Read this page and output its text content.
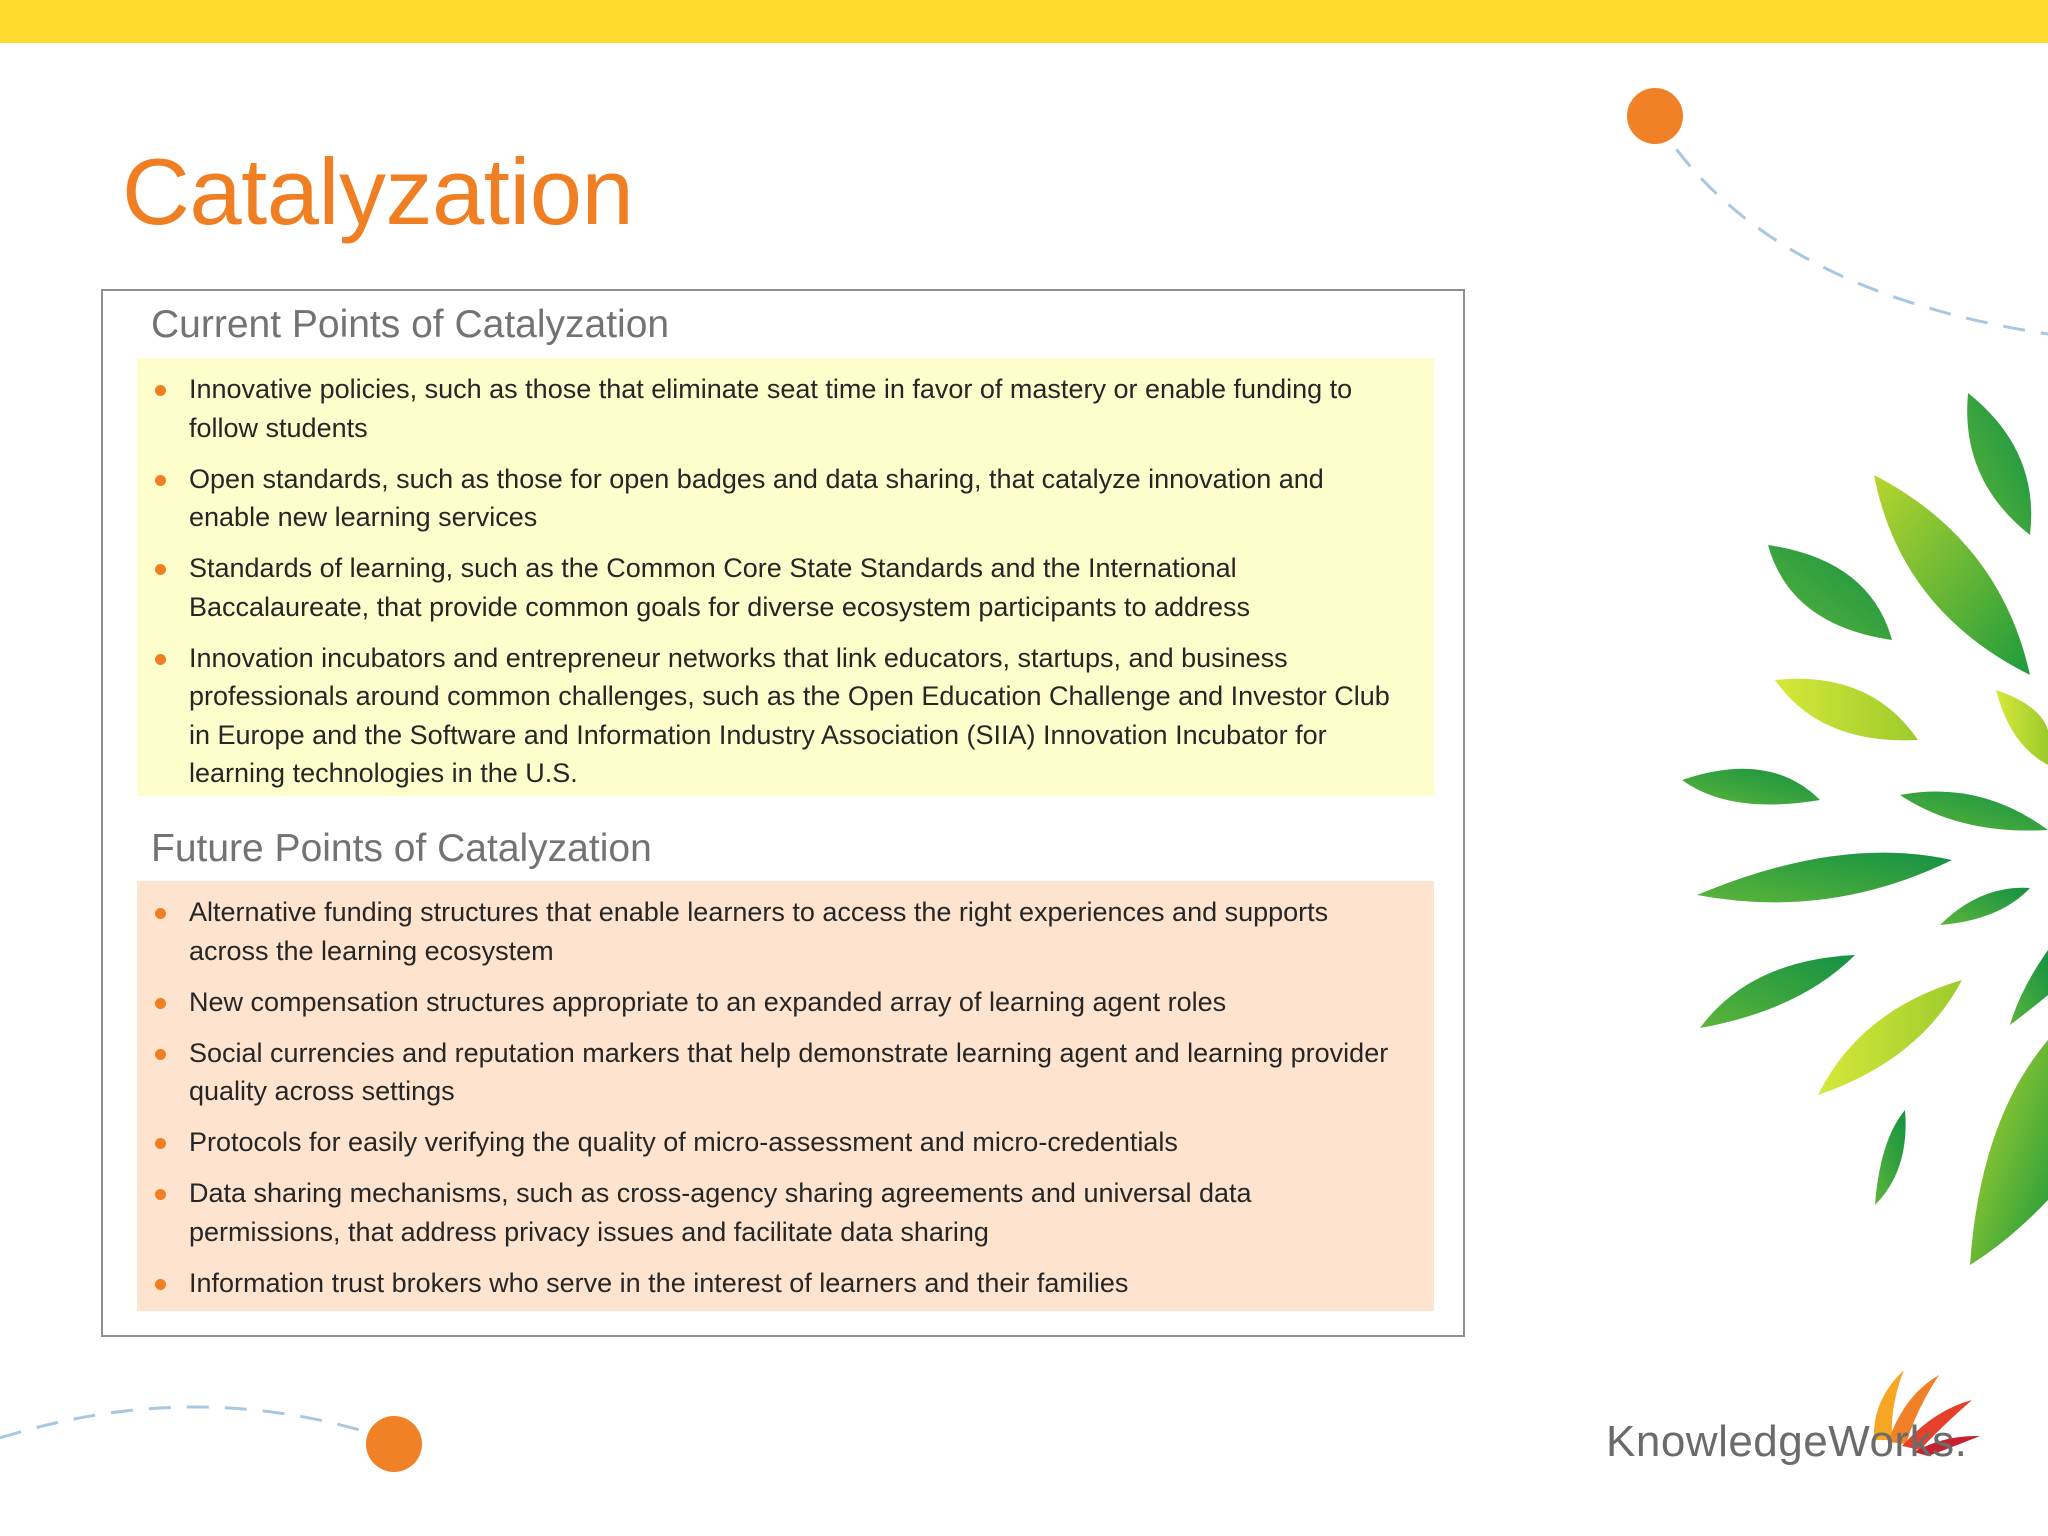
Catalyzation
Current Points of Catalyzation
Innovative policies, such as those that eliminate seat time in favor of mastery or enable funding to follow students
Open standards, such as those for open badges and data sharing, that catalyze innovation and enable new learning services
Standards of learning, such as the Common Core State Standards and the International Baccalaureate, that provide common goals for diverse ecosystem participants to address
Innovation incubators and entrepreneur networks that link educators, startups, and business professionals around common challenges, such as the Open Education Challenge and Investor Club in Europe and the Software and Information Industry Association (SIIA) Innovation Incubator for learning technologies in the U.S.
Future Points of Catalyzation
Alternative funding structures that enable learners to access the right experiences and supports across the learning ecosystem
New compensation structures appropriate to an expanded array of learning agent roles
Social currencies and reputation markers that help demonstrate learning agent and learning provider quality across settings
Protocols for easily verifying the quality of micro-assessment and micro-credentials
Data sharing mechanisms, such as cross-agency sharing agreements and universal data permissions, that address privacy issues and facilitate data sharing
Information trust brokers who serve in the interest of learners and their families

KnowledgeWorks.
